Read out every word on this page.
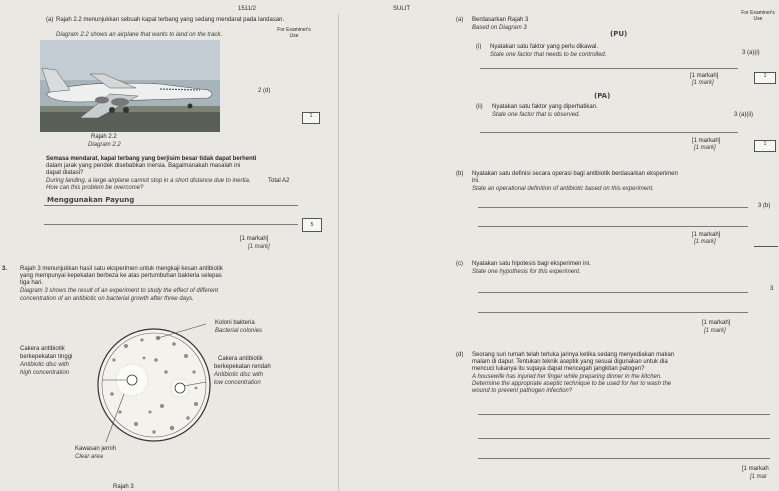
1511/2	SULIT
(a) Rajah 2.2 menunjukkan sebuah kapal terbang yang sedang mendarat pada landasan.
Diagram 2.2 shows an airplane that wants to land on the track.
For Examiner's Use
2 (d)
1
Rajah 2.2
Diagram 2.2
Semasa mendarat, kapal terbang yang berjisim besar tidak dapat berhenti
dalam jarak yang pendek disebabkan inersia. Bagaimanakah masalah ini
dapat diatasi?
During landing, a large airplane cannot stop in a short distance due to inertia.
How can this problem be overcome?
Total A2
Menggunakan Payung
5
[1 markah]
[1 mark]
3. Rajah 3 menunjukkan hasil satu eksperimen untuk mengkaji kesan antibiotik
yang mempunyai kepekatan berbeza ke atas pertumbuhan bakteria selepas
tiga hari.
Diagram 3 shows the result of an experiment to study the effect of different
concentration of an antibiotic on bacterial growth after three days.
Koloni bakteria
Bacterial colonies
Cakera antibiotik
berkepekatan tinggi
Antibiotic disc with
high concentration
Cakera antibiotik
berkepekatan rendah
Antibiotic disc with
low concentration
Kawasan jernih
Clear area
Rajah 3
(a) Berdasarkan Rajah 3
Based on Diagram 3
(PU)
For Examiner's Use
(i) Nyatakan satu faktor yang perlu dikawal.
State one factor that needs to be controlled.	3 (a)(i)
[1 markah]
[1 mark]
1
(PA)
(ii) Nyatakan satu faktor yang diperhatikan.
State one factor that is observed.	3 (a)(ii)
[1 markah]
[1 mark]
1
(b) Nyatakan satu definisi secara operasi bagi antibiotik berdasarkan eksperimen
ini.
State an operational definition of antibiotic based on this experiment.
3 (b)
[1 markah]
[1 mark]
(c) Nyatakan satu hipotesis bagi eksperimen ini.
State one hypothesis for this experiment.
3
[1 markah]
[1 mark]
(d) Seorang suri rumah telah terluka jarinya ketika sedang menyediakan makan
malam di dapur. Tentukan teknik aseptik yang sesuai digunakan untuk dia
mencuci lukanya itu supaya dapat mencegah jangkitan patogen?
A housewife has injured her finger while preparing dinner in the kitchen.
Determine the appropriate aseptic technique to be used for her to wash the
wound to prevent pathogen infection?
[1 markah
[1 mar
